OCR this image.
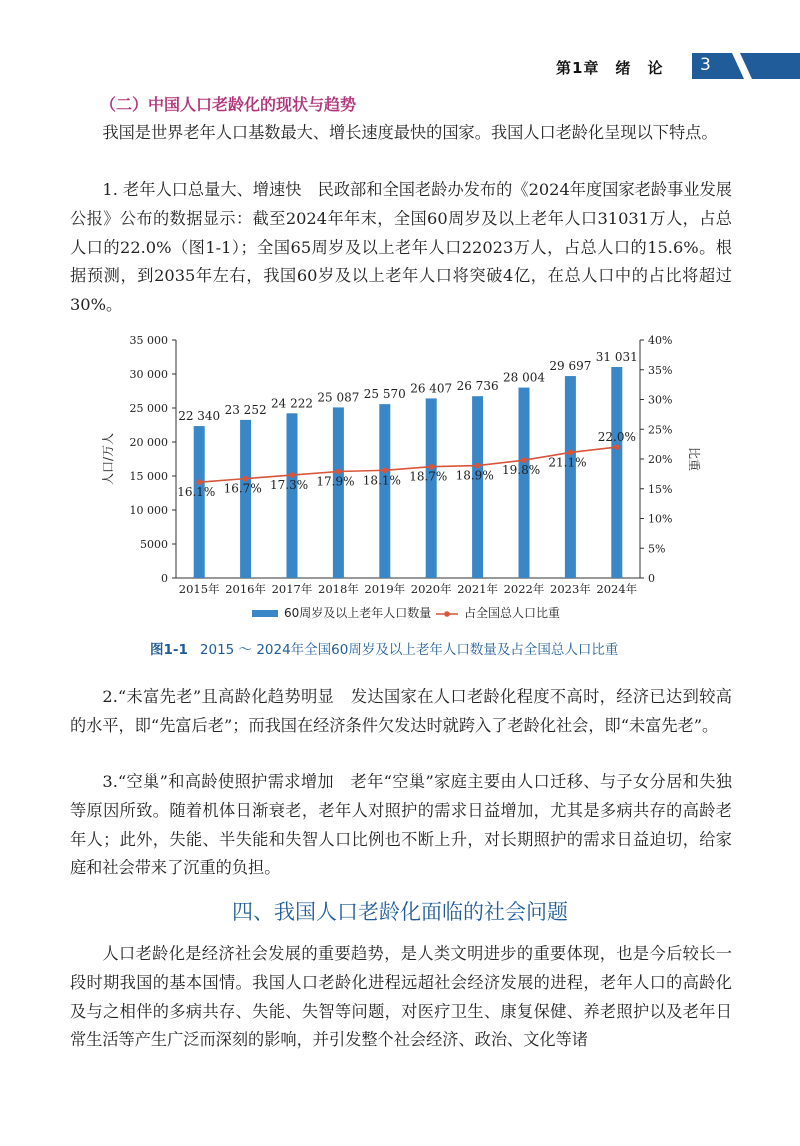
第1章　绪　论 3
（二）中国人口老龄化的现状与趋势

我国是世界老年人口基数最大、增长速度最快的国家。我国人口老龄化呈现以下特点。

1. 老年人口总量大、增速快　民政部和全国老龄办发布的《2024年度国家老龄事业发展公报》公布的数据显示：截至2024年年末，全国60周岁及以上老年人口31031万人，占总人口的22.0%（图1-1）；全国65周岁及以上老年人口22023万人，占总人口的15.6%。根据预测，到2035年左右，我国60岁及以上老年人口将突破4亿，在总人口中的占比将超过30%。

0
5000
10 000
15 000
20 000
25 000
30 000
35 000
0
5%
10%
15%
20%
25%
30%
35%
40%
人口/万人	比重
22 340
2015年
23 252
2016年
24 222
2017年
25 087
2018年
25 570
2019年
26 407
2020年
26 736
2021年
28 004
2022年
29 697
2023年
31 031
2024年
16.1% 16.7% 17.3% 17.9% 18.1% 18.7% 18.9% 19.8%
21.1%
22.0%
60周岁及以上老年人口数量	占全国总人口比重
图1-1 2015 ～ 2024年全国60周岁及以上老年人口数量及占全国总人口比重

2.“未富先老”且高龄化趋势明显　发达国家在人口老龄化程度不高时，经济已达到较高的水平，即“先富后老”；而我国在经济条件欠发达时就跨入了老龄化社会，即“未富先老”。

3.“空巢”和高龄使照护需求增加　老年“空巢”家庭主要由人口迁移、与子女分居和失独等原因所致。随着机体日渐衰老，老年人对照护的需求日益增加，尤其是多病共存的高龄老年人；此外，失能、半失能和失智人口比例也不断上升，对长期照护的需求日益迫切，给家庭和社会带来了沉重的负担。

四、我国人口老龄化面临的社会问题

人口老龄化是经济社会发展的重要趋势，是人类文明进步的重要体现，也是今后较长一段时期我国的基本国情。我国人口老龄化进程远超社会经济发展的进程，老年人口的高龄化及与之相伴的多病共存、失能、失智等问题，对医疗卫生、康复保健、养老照护以及老年日常生活等产生广泛而深刻的影响，并引发整个社会经济、政治、文化等诸
